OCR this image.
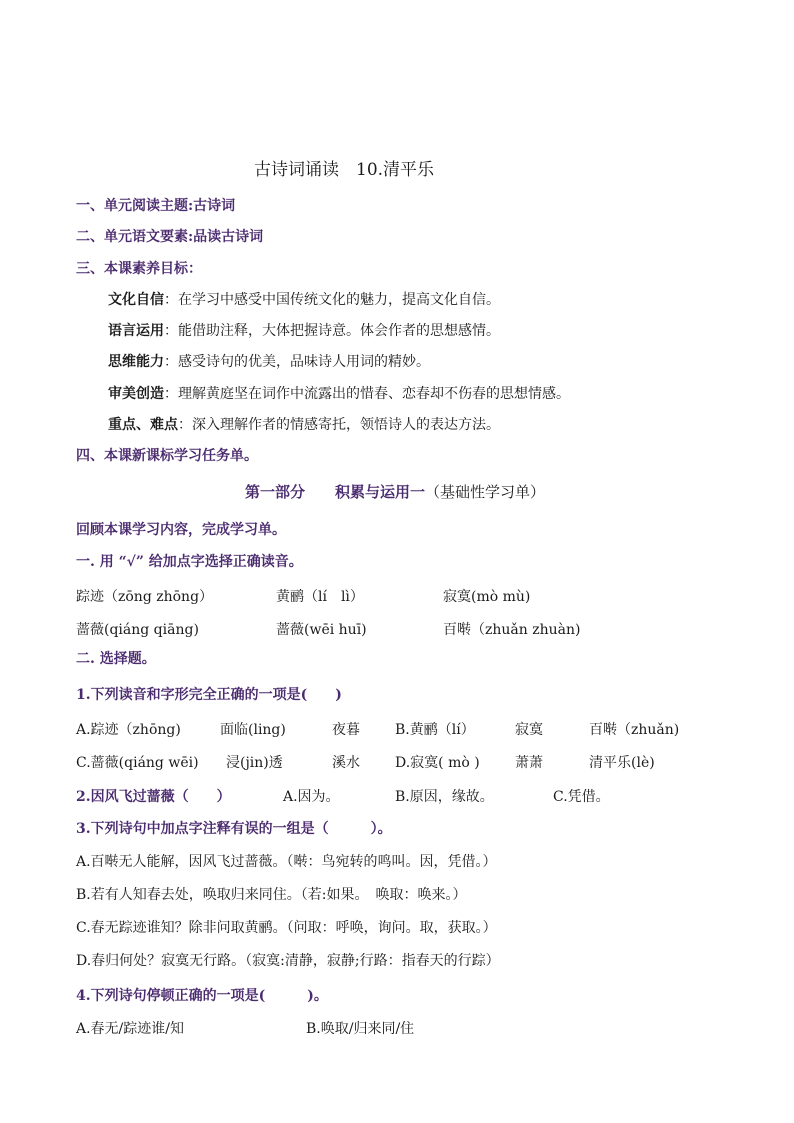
古诗词诵读　10.清平乐
一、单元阅读主题:古诗词
二、单元语文要素:品读古诗词
三、本课素养目标：
文化自信：在学习中感受中国传统文化的魅力，提高文化自信。
语言运用：能借助注释，大体把握诗意。体会作者的思想感情。
思维能力：感受诗句的优美，品味诗人用词的精妙。
审美创造：理解黄庭坚在词作中流露出的惜春、恋春却不伤春的思想情感。
重点、难点：深入理解作者的情感寄托，领悟诗人的表达方法。
四、本课新课标学习任务单。
第一部分　　积累与运用一（基础性学习单）
回顾本课学习内容，完成学习单。
一. 用 “√” 给加点字选择正确读音。
踪迹（zōng zhōng）	黄鹂（lí　lì）	寂寞(mò mù)
蔷薇(qiáng qiāng)	蔷薇(wēi huī)	百啭（zhuǎn zhuàn)
二. 选择题。
1.下列读音和字形完全正确的一项是(　　)
A.踪迹（zhōng)	面临(ling)	夜暮	B.黄鹂（lí）	寂寞	百啭（zhuǎn)
C.蔷薇(qiáng wēi) 浸(jin)透	溪水	D.寂寞( mò )	萧萧	清平乐(lè)
2.因风飞过蔷薇（　　）	A.因为。	B.原因，缘故。	C.凭借。
3.下列诗句中加点字注释有误的一组是（　　　）。
A.百啭无人能解，因风飞过蔷薇。（啭：鸟宛转的鸣叫。因，凭借。）
B.若有人知春去处，唤取归来同住。（若:如果。　唤取：唤来。）
C.春无踪迹谁知？除非问取黄鹂。（问取：呼唤，询问。取，获取。）
D.春归何处？寂寞无行路。（寂寞:清静，寂静;行路：指春天的行踪）
4.下列诗句停顿正确的一项是(　　　)。
A.春无/踪迹谁/知	B.唤取/归来同/住
